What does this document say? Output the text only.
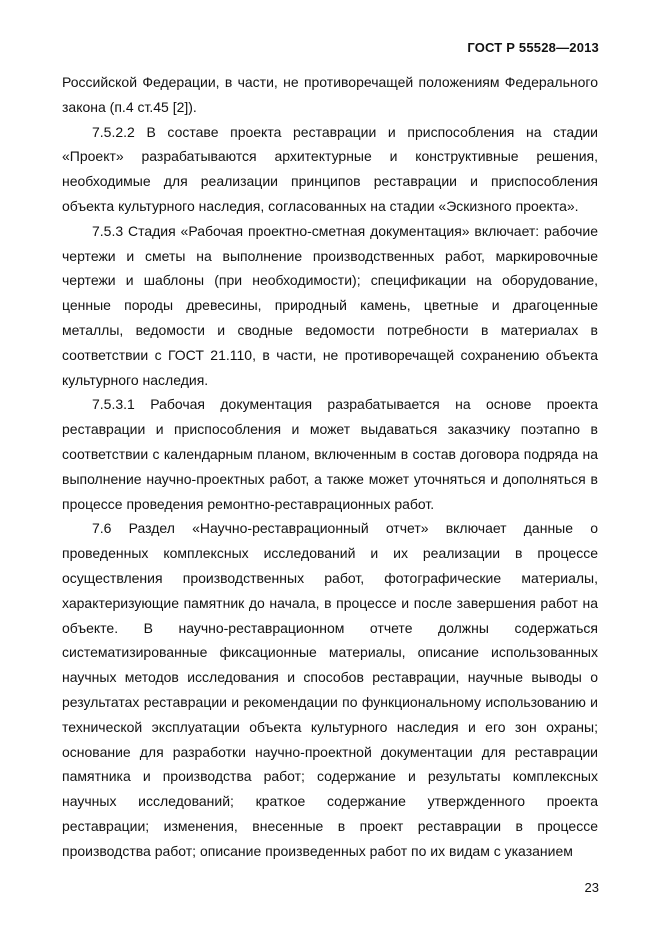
ГОСТ Р 55528—2013

Российской Федерации, в части, не противоречащей положениям Федерального закона (п.4 ст.45 [2]).

7.5.2.2 В составе проекта реставрации и приспособления на стадии «Проект» разрабатываются архитектурные и конструктивные решения, необходимые для реализации принципов реставрации и приспособления объекта культурного наследия, согласованных на стадии «Эскизного проекта».

7.5.3 Стадия «Рабочая проектно-сметная документация» включает: рабочие чертежи и сметы на выполнение производственных работ, маркировочные чертежи и шаблоны (при необходимости); спецификации на оборудование, ценные породы древесины, природный камень, цветные и драгоценные металлы, ведомости и сводные ведомости потребности в материалах в соответствии с ГОСТ 21.110, в части, не противоречащей сохранению объекта культурного наследия.

7.5.3.1 Рабочая документация разрабатывается на основе проекта реставрации и приспособления и может выдаваться заказчику поэтапно в соответствии с календарным планом, включенным в состав договора подряда на выполнение научно-проектных работ, а также может уточняться и дополняться в процессе проведения ремонтно-реставрационных работ.

7.6 Раздел «Научно-реставрационный отчет» включает данные о проведенных комплексных исследований и их реализации в процессе осуществления производственных работ, фотографические материалы, характеризующие памятник до начала, в процессе и после завершения работ на объекте. В научно-реставрационном отчете должны содержаться систематизированные фиксационные материалы, описание использованных научных методов исследования и способов реставрации, научные выводы о результатах реставрации и рекомендации по функциональному использованию и технической эксплуатации объекта культурного наследия и его зон охраны; основание для разработки научно-проектной документации для реставрации памятника и производства работ; содержание и результаты комплексных научных исследований; краткое содержание утвержденного проекта реставрации; изменения, внесенные в проект реставрации в процессе производства работ; описание произведенных работ по их видам с указанием

23
